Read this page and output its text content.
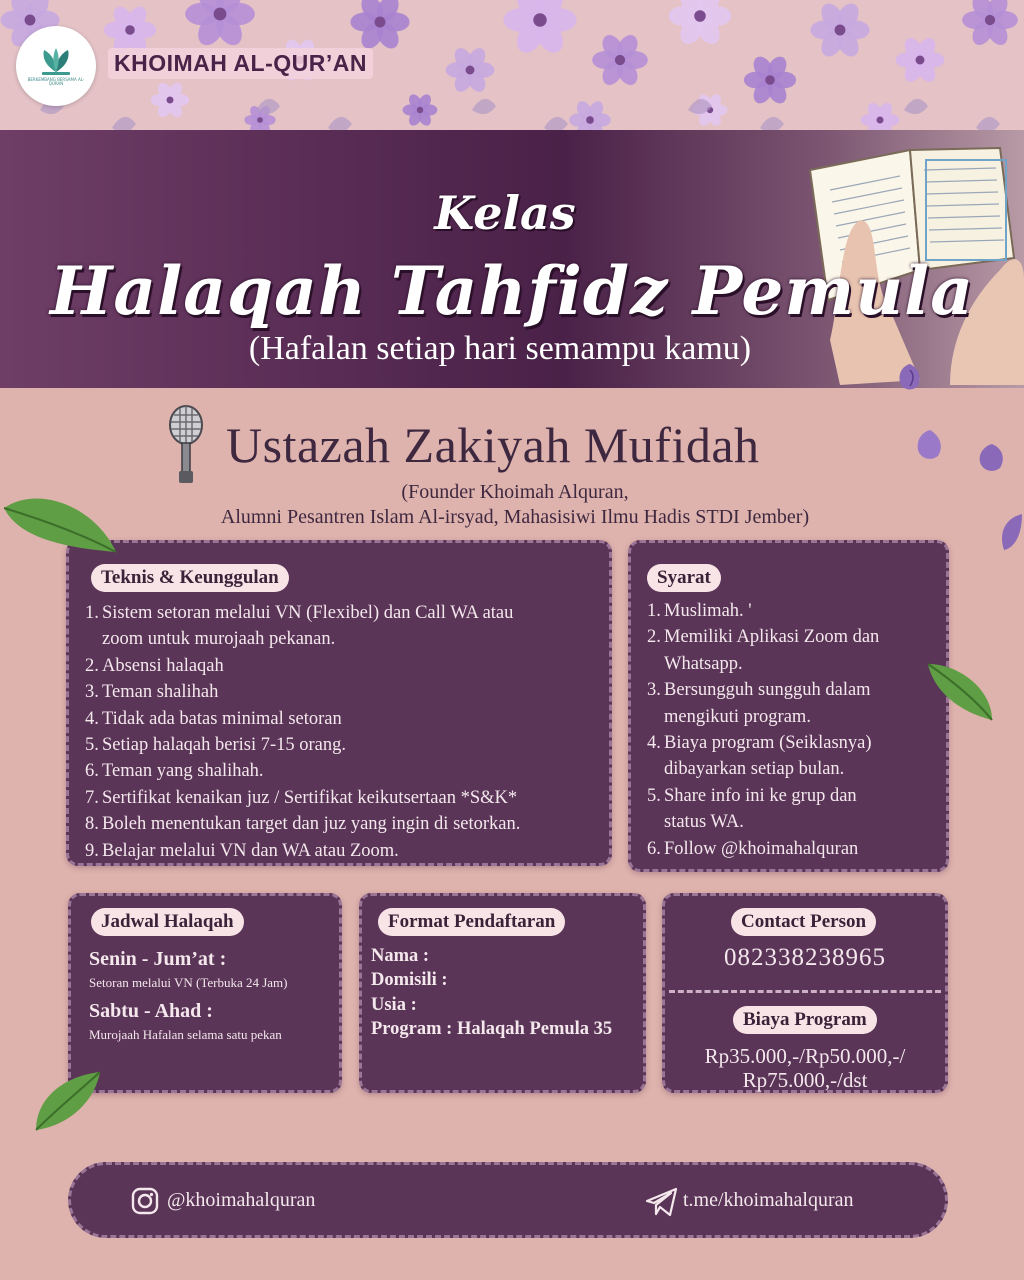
BERKEMBANG BERSAMA AL-QURAN
KHOIMAH AL-QUR’AN
Kelas
Halaqah Tahfidz Pemula
(Hafalan setiap hari semampu kamu)
Ustazah Zakiyah Mufidah
(Founder Khoimah Alquran,
Alumni Pesantren Islam Al-irsyad, Mahasisiwi Ilmu Hadis STDI Jember)
Teknis & Keunggulan
1. Sistem setoran melalui VN (Flexibel) dan Call WA atau
zoom untuk murojaah pekanan.
2. Absensi halaqah
3. Teman shalihah
4. Tidak ada batas minimal setoran
5. Setiap halaqah berisi 7-15 orang.
6. Teman yang shalihah.
7. Sertifikat kenaikan juz / Sertifikat keikutsertaan *S&K*
8. Boleh menentukan target dan juz yang ingin di setorkan.
9. Belajar melalui VN dan WA atau Zoom.
Syarat
1. Muslimah. '
2. Memiliki Aplikasi Zoom dan
Whatsapp.
3. Bersungguh sungguh dalam
mengikuti program.
4. Biaya program (Seiklasnya)
dibayarkan setiap bulan.
5. Share info ini ke grup dan
status WA.
6. Follow @khoimahalquran
Jadwal Halaqah
Senin - Jum’at :
Setoran melalui VN (Terbuka 24 Jam)
Sabtu - Ahad :
Murojaah Hafalan selama satu pekan
Format Pendaftaran
Nama :
Domisili :
Usia :
Program : Halaqah Pemula 35
Contact Person
082338238965
Biaya Program
Rp35.000,-/Rp50.000,-/
Rp75.000,-/dst
@khoimahalquran	t.me/khoimahalquran
